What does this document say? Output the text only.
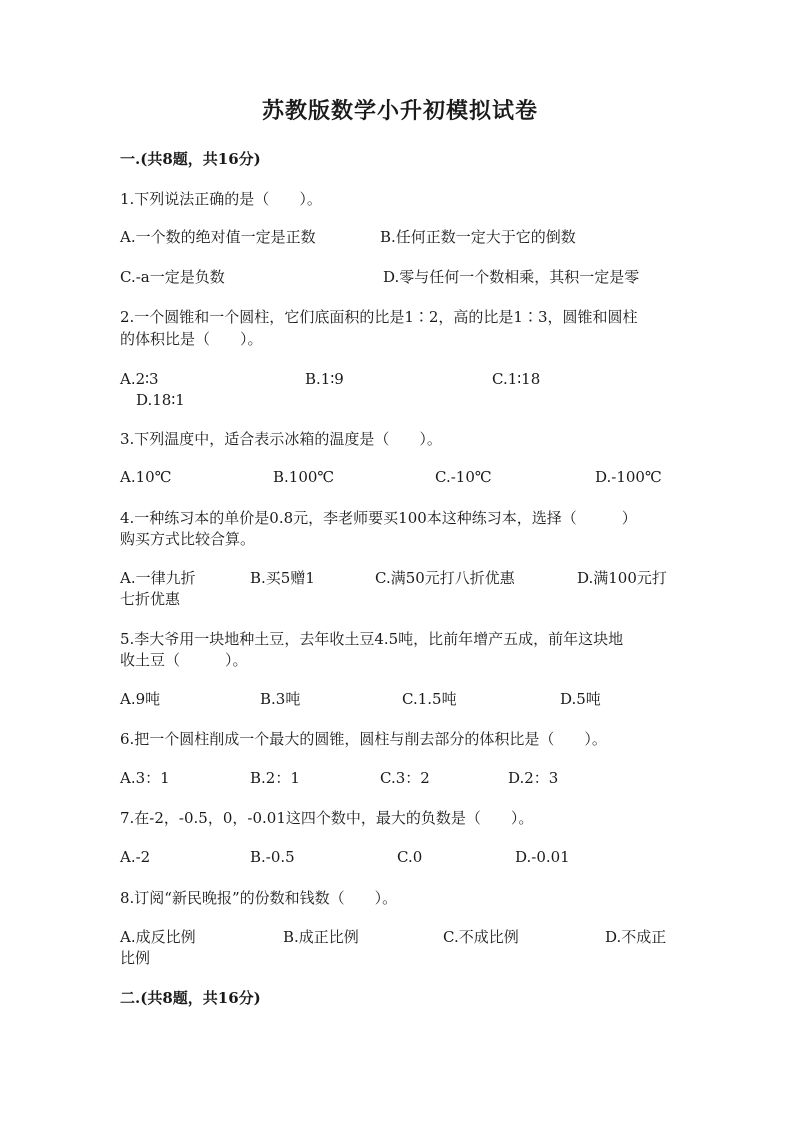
苏教版数学小升初模拟试卷
一.(共8题，共16分)
1.下列说法正确的是（　　）。
A.一个数的绝对值一定是正数	B.任何正数一定大于它的倒数
C.-a一定是负数	D.零与任何一个数相乘，其积一定是零
2.一个圆锥和一个圆柱，它们底面积的比是1∶2，高的比是1∶3，圆锥和圆柱
的体积比是（　　）。
A.2∶3	B.1∶9	C.1∶18
D.18∶1
3.下列温度中，适合表示冰箱的温度是（　　）。
A.10℃	B.100℃	C.-10℃	D.-100℃
4.一种练习本的单价是0.8元，李老师要买100本这种练习本，选择（　　　）
购买方式比较合算。
A.一律九折	B.买5赠1	C.满50元打八折优惠	D.满100元打
七折优惠
5.李大爷用一块地种土豆，去年收土豆4.5吨，比前年增产五成，前年这块地
收土豆（　　　）。
A.9吨	B.3吨	C.1.5吨	D.5吨
6.把一个圆柱削成一个最大的圆锥，圆柱与削去部分的体积比是（　　）。
A.3：1	B.2：1	C.3：2	D.2：3
7.在-2，-0.5，0，-0.01这四个数中，最大的负数是（　　）。
A.-2	B.-0.5	C.0	D.-0.01
8.订阅“新民晚报”的份数和钱数（　　）。
A.成反比例	B.成正比例	C.不成比例	D.不成正
比例
二.(共8题，共16分)
